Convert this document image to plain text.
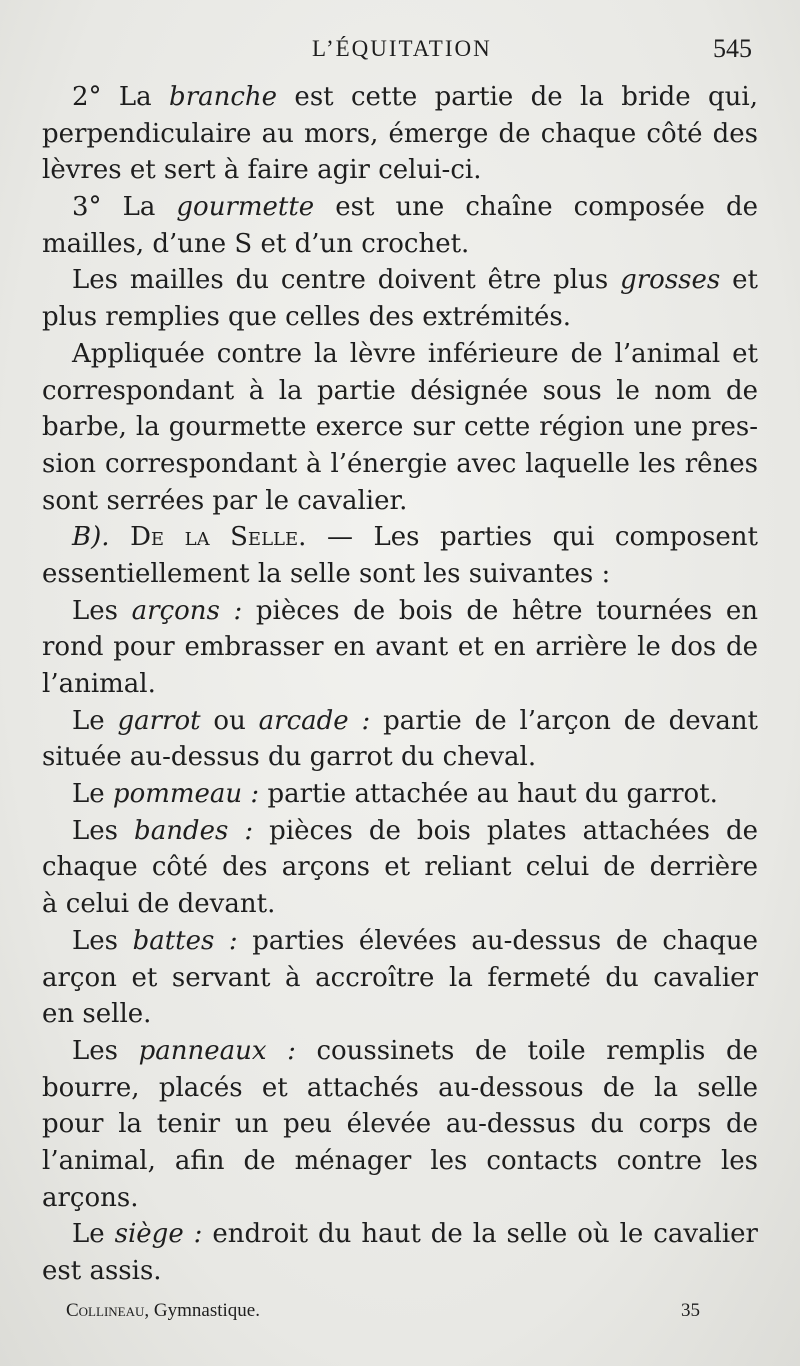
L’ÉQUITATION	545
2° La branche est cette partie de la bride qui,
perpendiculaire au mors, émerge de chaque côté des
lèvres et sert à faire agir celui-ci.
3° La gourmette est une chaîne composée de
mailles, d’une S et d’un crochet.
Les mailles du centre doivent être plus grosses et
plus remplies que celles des extrémités.
Appliquée contre la lèvre inférieure de l’animal et
correspondant à la partie désignée sous le nom de
barbe, la gourmette exerce sur cette région une pres-
sion correspondant à l’énergie avec laquelle les rênes
sont serrées par le cavalier.
B). De la Selle. — Les parties qui composent
essentiellement la selle sont les suivantes :
Les arçons : pièces de bois de hêtre tournées en
rond pour embrasser en avant et en arrière le dos de
l’animal.
Le garrot ou arcade : partie de l’arçon de devant
située au-dessus du garrot du cheval.
Le pommeau : partie attachée au haut du garrot.
Les bandes : pièces de bois plates attachées de
chaque côté des arçons et reliant celui de derrière
à celui de devant.
Les battes : parties élevées au-dessus de chaque
arçon et servant à accroître la fermeté du cavalier
en selle.
Les panneaux : coussinets de toile remplis de
bourre, placés et attachés au-dessous de la selle
pour la tenir un peu élevée au-dessus du corps de
l’animal, afin de ménager les contacts contre les
arçons.
Le siège : endroit du haut de la selle où le cavalier
est assis.
Collineau, Gymnastique.	35
